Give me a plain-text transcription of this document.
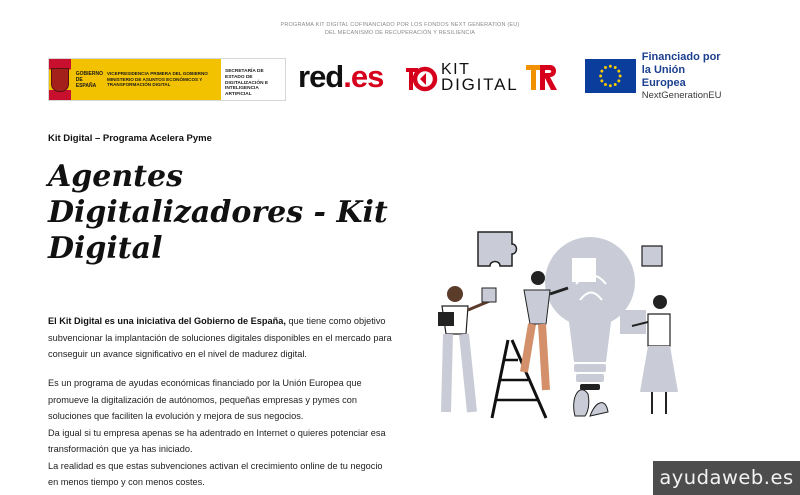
PROGRAMA KIT DIGITAL COFINANCIADO POR LOS FONDOS NEXT GENERATION (EU)
DEL MECANISMO DE RECUPERACIÓN Y RESILIENCIA
GOBIERNO DE ESPAÑA
VICEPRESIDENCIA PRIMERA DEL GOBIERNO MINISTERIO DE ASUNTOS ECONÓMICOS Y TRANSFORMACIÓN DIGITAL
SECRETARÍA DE ESTADO DE DIGITALIZACIÓN E INTELIGENCIA ARTIFICIAL
red.es	KIT
DIGITAL
Financiado por
la Unión Europea
NextGenerationEU
Kit Digital – Programa Acelera Pyme
Agentes Digitalizadores - Kit Digital
El Kit Digital es una iniciativa del Gobierno de España, que tiene como objetivo subvencionar la implantación de soluciones digitales disponibles en el mercado para conseguir un avance significativo en el nivel de madurez digital.
Es un programa de ayudas económicas financiado por la Unión Europea que promueve la digitalización de autónomos, pequeñas empresas y pymes con soluciones que faciliten la evolución y mejora de sus negocios.
Da igual si tu empresa apenas se ha adentrado en Internet o quieres potenciar esa transformación que ya has iniciado.
La realidad es que estas subvenciones activan el crecimiento online de tu negocio en menos tiempo y con menos costes.	ayudaweb.es
